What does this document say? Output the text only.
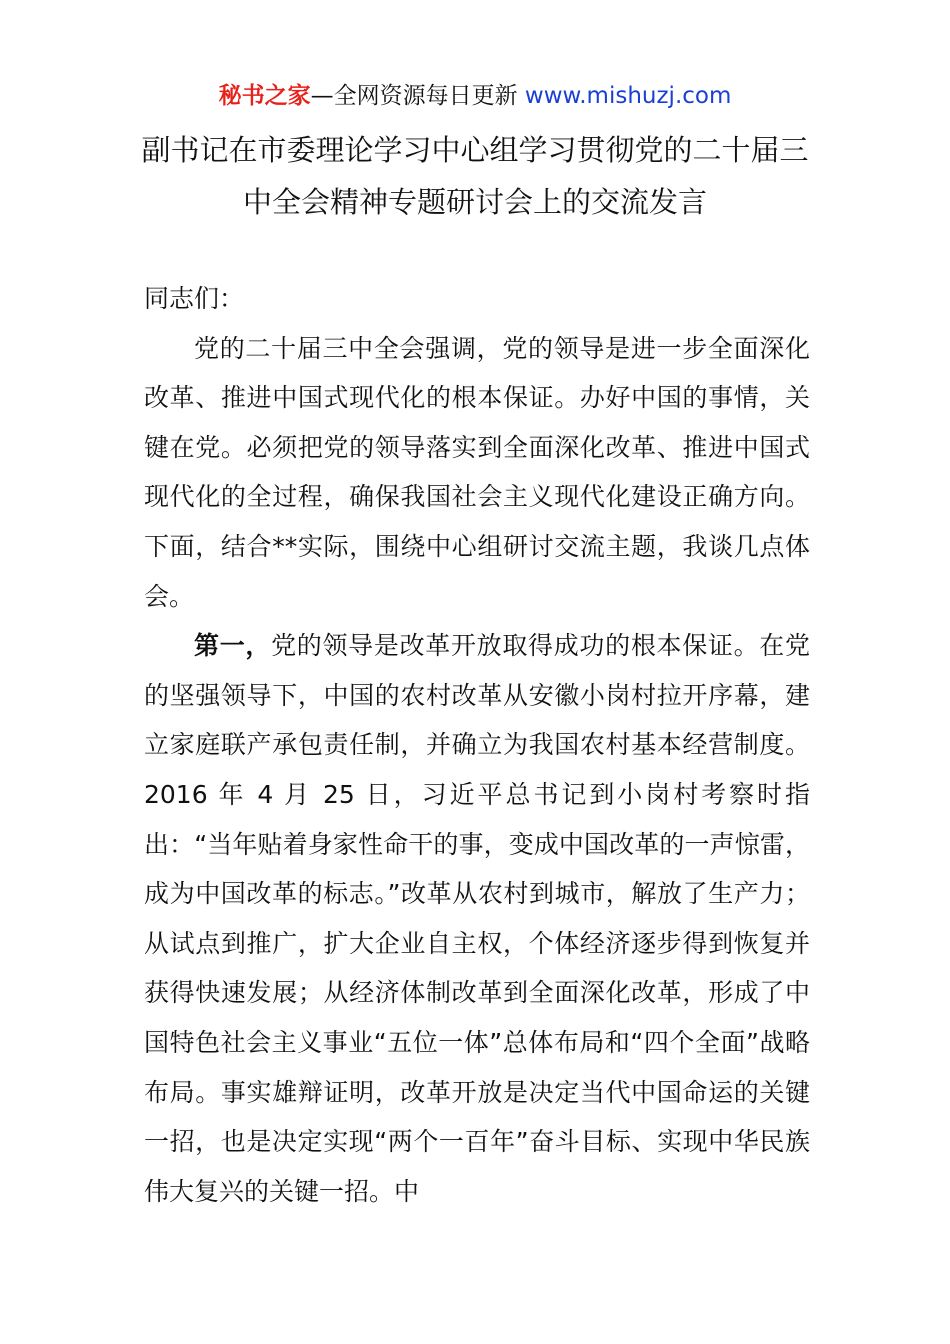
秘书之家—全网资源每日更新 www.mishuzj.com
副书记在市委理论学习中心组学习贯彻党的二十届三中全会精神专题研讨会上的交流发言

同志们：

党的二十届三中全会强调，党的领导是进一步全面深化改革、推进中国式现代化的根本保证。办好中国的事情，关键在党。必须把党的领导落实到全面深化改革、推进中国式现代化的全过程，确保我国社会主义现代化建设正确方向。下面，结合**实际，围绕中心组研讨交流主题，我谈几点体会。

第一，党的领导是改革开放取得成功的根本保证。在党的坚强领导下，中国的农村改革从安徽小岗村拉开序幕，建立家庭联产承包责任制，并确立为我国农村基本经营制度。2016 年 4 月 25 日，习近平总书记到小岗村考察时指出：“当年贴着身家性命干的事，变成中国改革的一声惊雷，成为中国改革的标志。”改革从农村到城市，解放了生产力；从试点到推广，扩大企业自主权，个体经济逐步得到恢复并获得快速发展；从经济体制改革到全面深化改革，形成了中国特色社会主义事业“五位一体”总体布局和“四个全面”战略布局。事实雄辩证明，改革开放是决定当代中国命运的关键一招，也是决定实现“两个一百年”奋斗目标、实现中华民族伟大复兴的关键一招。中
